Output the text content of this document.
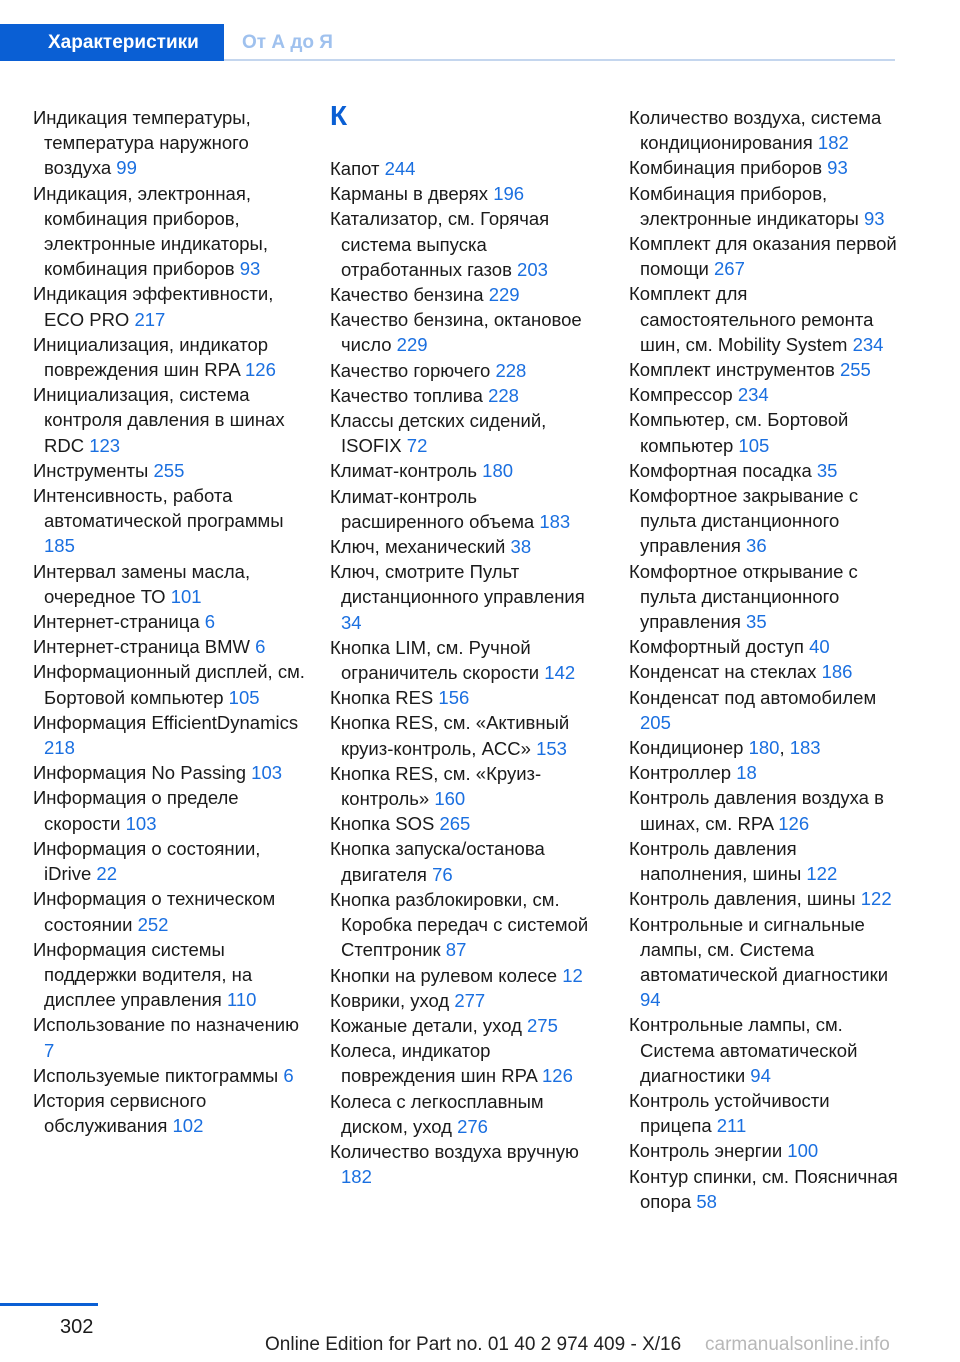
Характеристики	От А до Я
Индикация температуры, температура наружного воздуха 99
Индикация, электронная, комбинация приборов, электронные индикаторы, комбинация приборов 93
Индикация эффективности, ECO PRO 217
Инициализация, индикатор повреждения шин RPA 126
Инициализация, система контроля давления в шинах RDC 123
Инструменты 255
Интенсивность, работа автоматической программы 185
Интервал замены масла, очередное ТО 101
Интернет-страница 6
Интернет-страница BMW 6
Информационный дисплей, см. Бортовой компьютер 105
Информация EfficientDynamics 218
Информация No Passing 103
Информация о пределе скорости 103
Информация о состоянии, iDrive 22
Информация о техническом состоянии 252
Информация системы поддержки водителя, на дисплее управления 110
Использование по назначению 7
Используемые пиктограммы 6
История сервисного обслуживания 102
К
Капот 244
Карманы в дверях 196
Катализатор, см. Горячая система выпуска отработанных газов 203
Качество бензина 229
Качество бензина, октановое число 229
Качество горючего 228
Качество топлива 228
Классы детских сидений, ISOFIX 72
Климат-контроль 180
Климат-контроль расширенного объема 183
Ключ, механический 38
Ключ, смотрите Пульт дистанционного управления 34
Кнопка LIM, см. Ручной ограничитель скорости 142
Кнопка RES 156
Кнопка RES, см. «Активный круиз-контроль, ACC» 153
Кнопка RES, см. «Круиз-контроль» 160
Кнопка SOS 265
Кнопка запуска/останова двигателя 76
Кнопка разблокировки, см. Коробка передач с системой Стептроник 87
Кнопки на рулевом колесе 12
Коврики, уход 277
Кожаные детали, уход 275
Колеса, индикатор повреждения шин RPA 126
Колеса с легкосплавным диском, уход 276
Количество воздуха вручную 182
Количество воздуха, система кондиционирования 182
Комбинация приборов 93
Комбинация приборов, электронные индикаторы 93
Комплект для оказания первой помощи 267
Комплект для самостоятельного ремонта шин, см. Mobility System 234
Комплект инструментов 255
Компрессор 234
Компьютер, см. Бортовой компьютер 105
Комфортная посадка 35
Комфортное закрывание с пульта дистанционного управления 36
Комфортное открывание с пульта дистанционного управления 35
Комфортный доступ 40
Конденсат на стеклах 186
Конденсат под автомобилем 205
Кондиционер 180, 183
Контроллер 18
Контроль давления воздуха в шинах, см. RPA 126
Контроль давления наполнения, шины 122
Контроль давления, шины 122
Контрольные и сигнальные лампы, см. Система автоматической диагностики 94
Контрольные лампы, см. Система автоматической диагностики 94
Контроль устойчивости прицепа 211
Контроль энергии 100
Контур спинки, см. Поясничная опора 58
302
Online Edition for Part no. 01 40 2 974 409 - X/16 carmanualsonline.info
